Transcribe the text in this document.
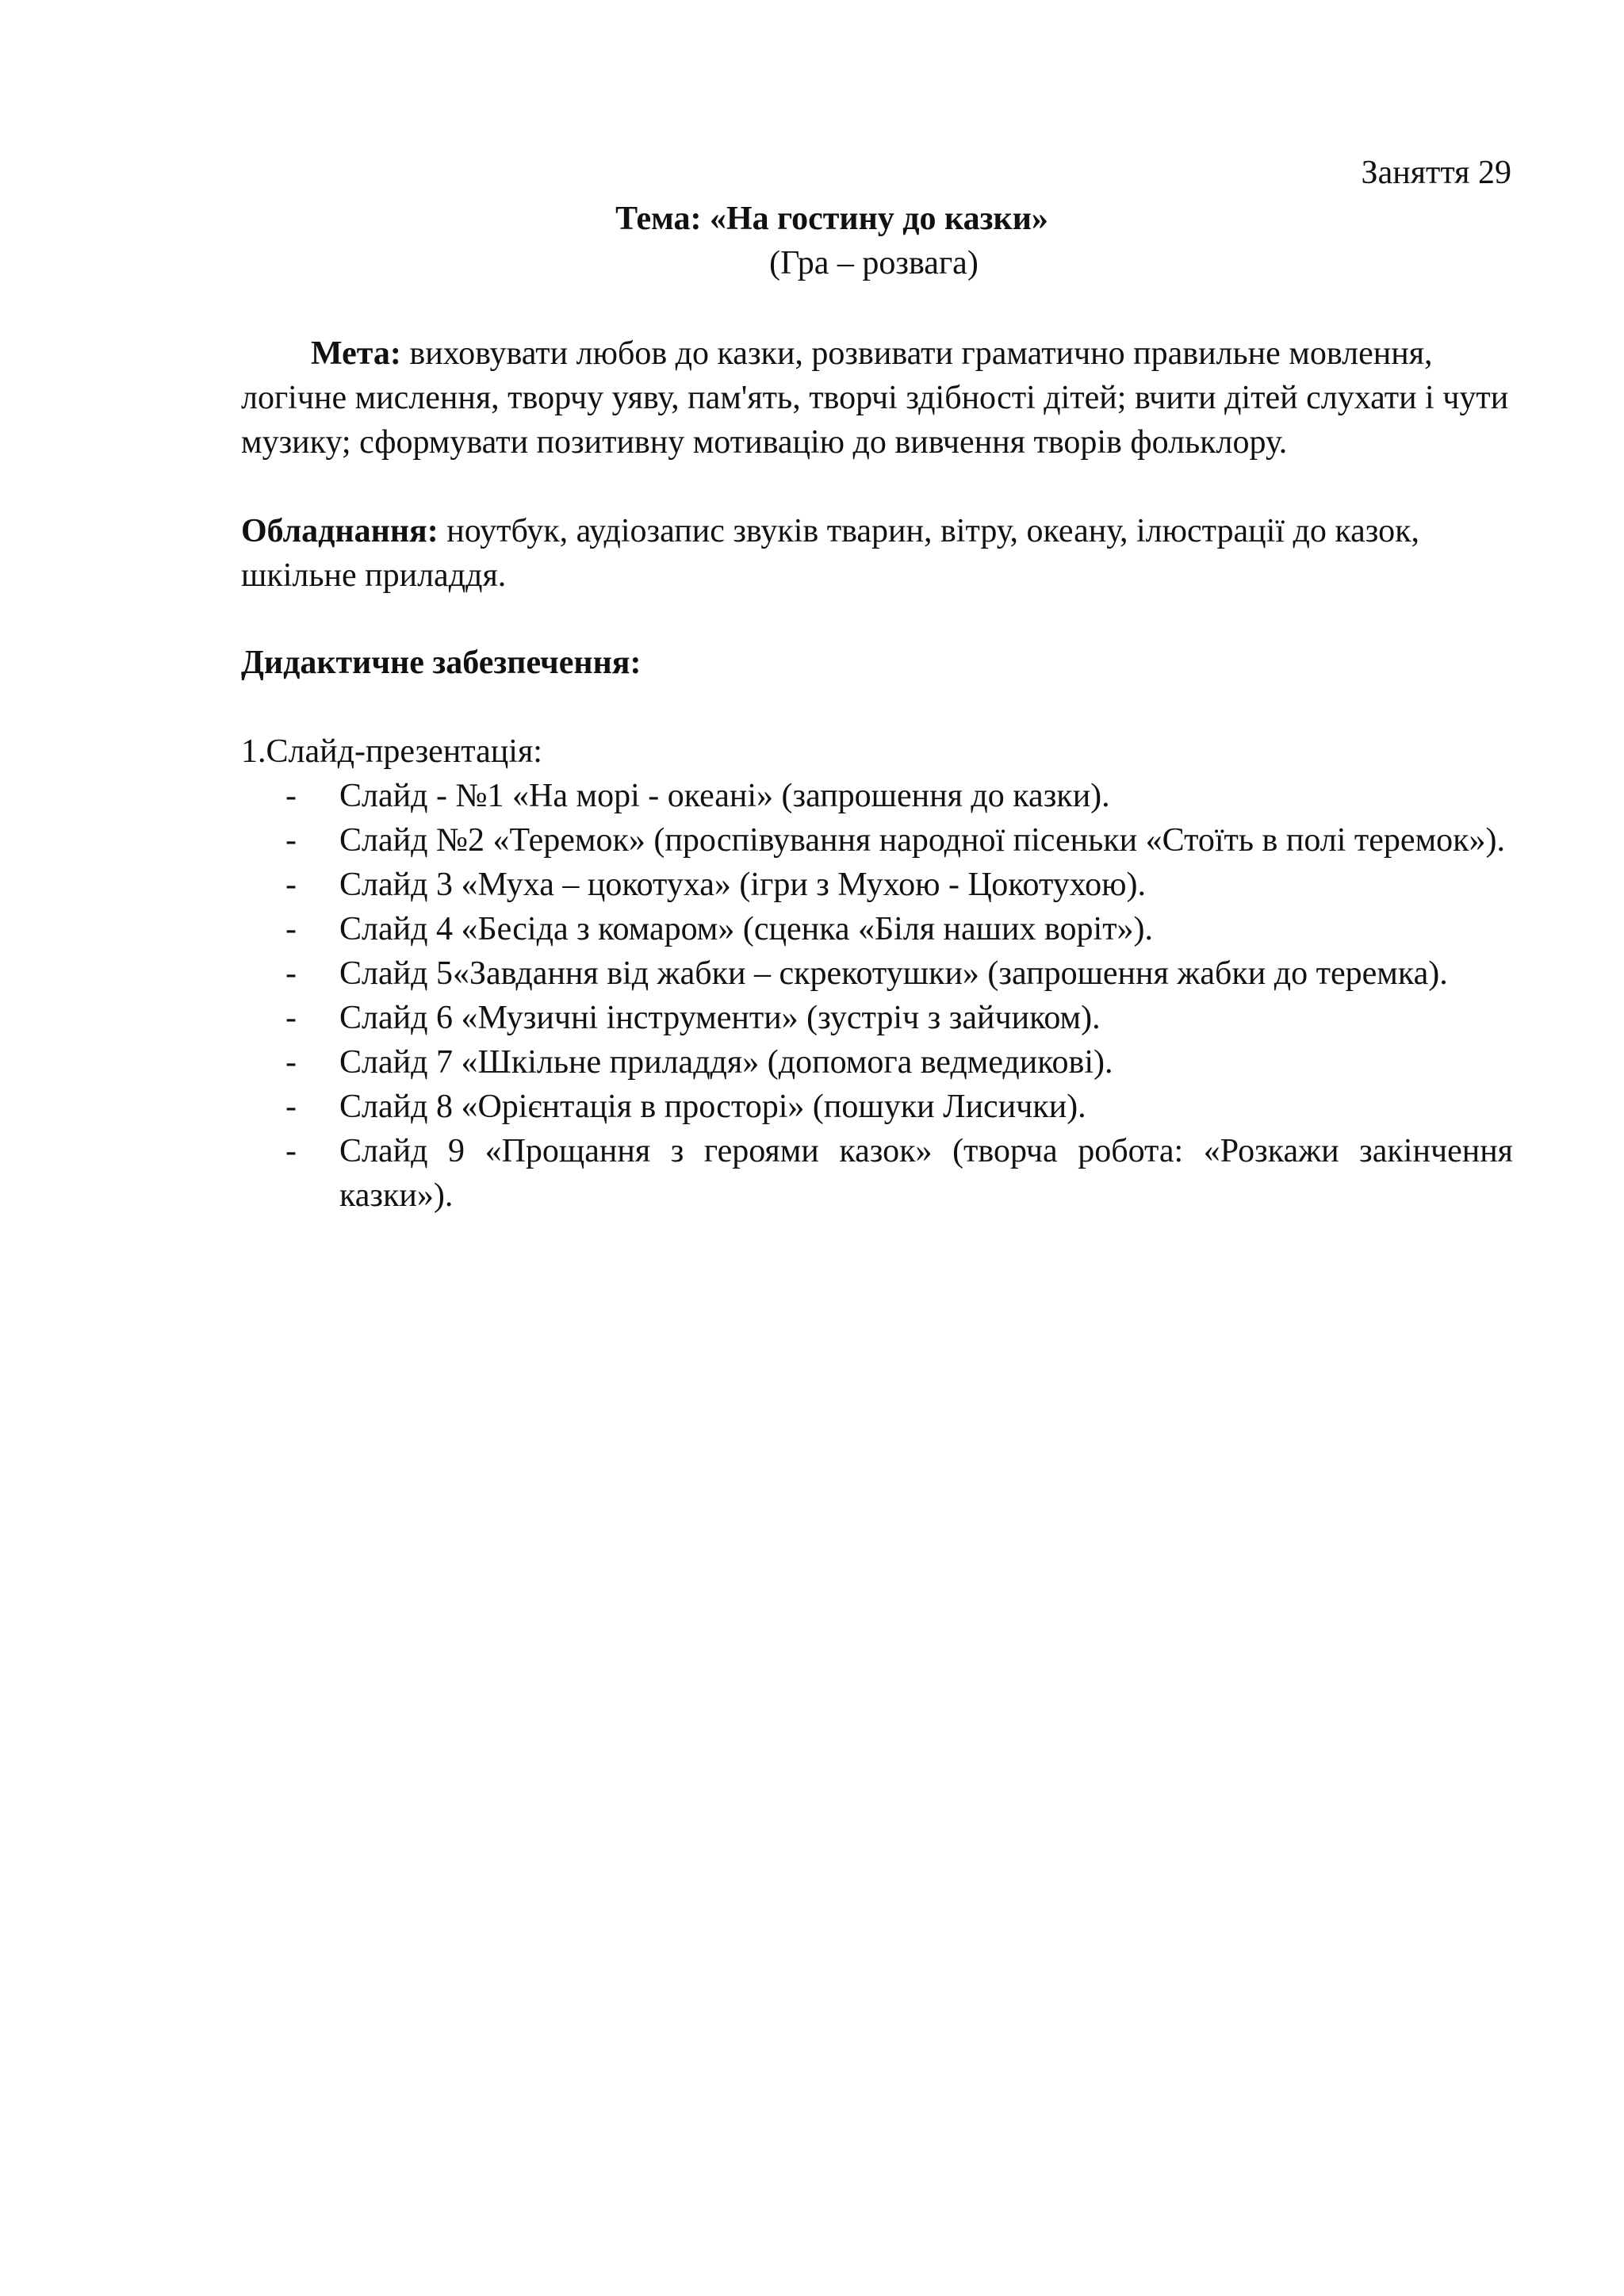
Заняття 29
Тема: «На гостину до казки»
(Гра – розвага)

Мета: виховувати любов до казки, розвивати граматично правильне мовлення, логічне мислення, творчу уяву, пам'ять, творчі здібності дітей; вчити дітей слухати і чути музику; сформувати позитивну мотивацію до вивчення творів фольклору.

Обладнання: ноутбук, аудіозапис звуків тварин, вітру, океану, ілюстрації до казок, шкільне приладдя.

Дидактичне забезпечення:
1.Слайд-презентація:
- Слайд - №1 «На морі - океані» (запрошення до казки).
- Слайд №2 «Теремок» (проспівування народної пісеньки «Стоїть в полі теремок»).
- Слайд 3 «Муха – цокотуха» (ігри з Мухою - Цокотухою).
- Слайд 4 «Бесіда з комаром» (сценка «Біля наших воріт»).
- Слайд 5«Завдання від жабки – скрекотушки» (запрошення жабки до теремка).
- Слайд 6 «Музичні інструменти» (зустріч з зайчиком).
- Слайд 7 «Шкільне приладдя» (допомога ведмедикові).
- Слайд 8 «Орієнтація в просторі» (пошуки Лисички).
- Слайд 9 «Прощання з героями казок» (творча робота: «Розкажи закінчення казки»).
